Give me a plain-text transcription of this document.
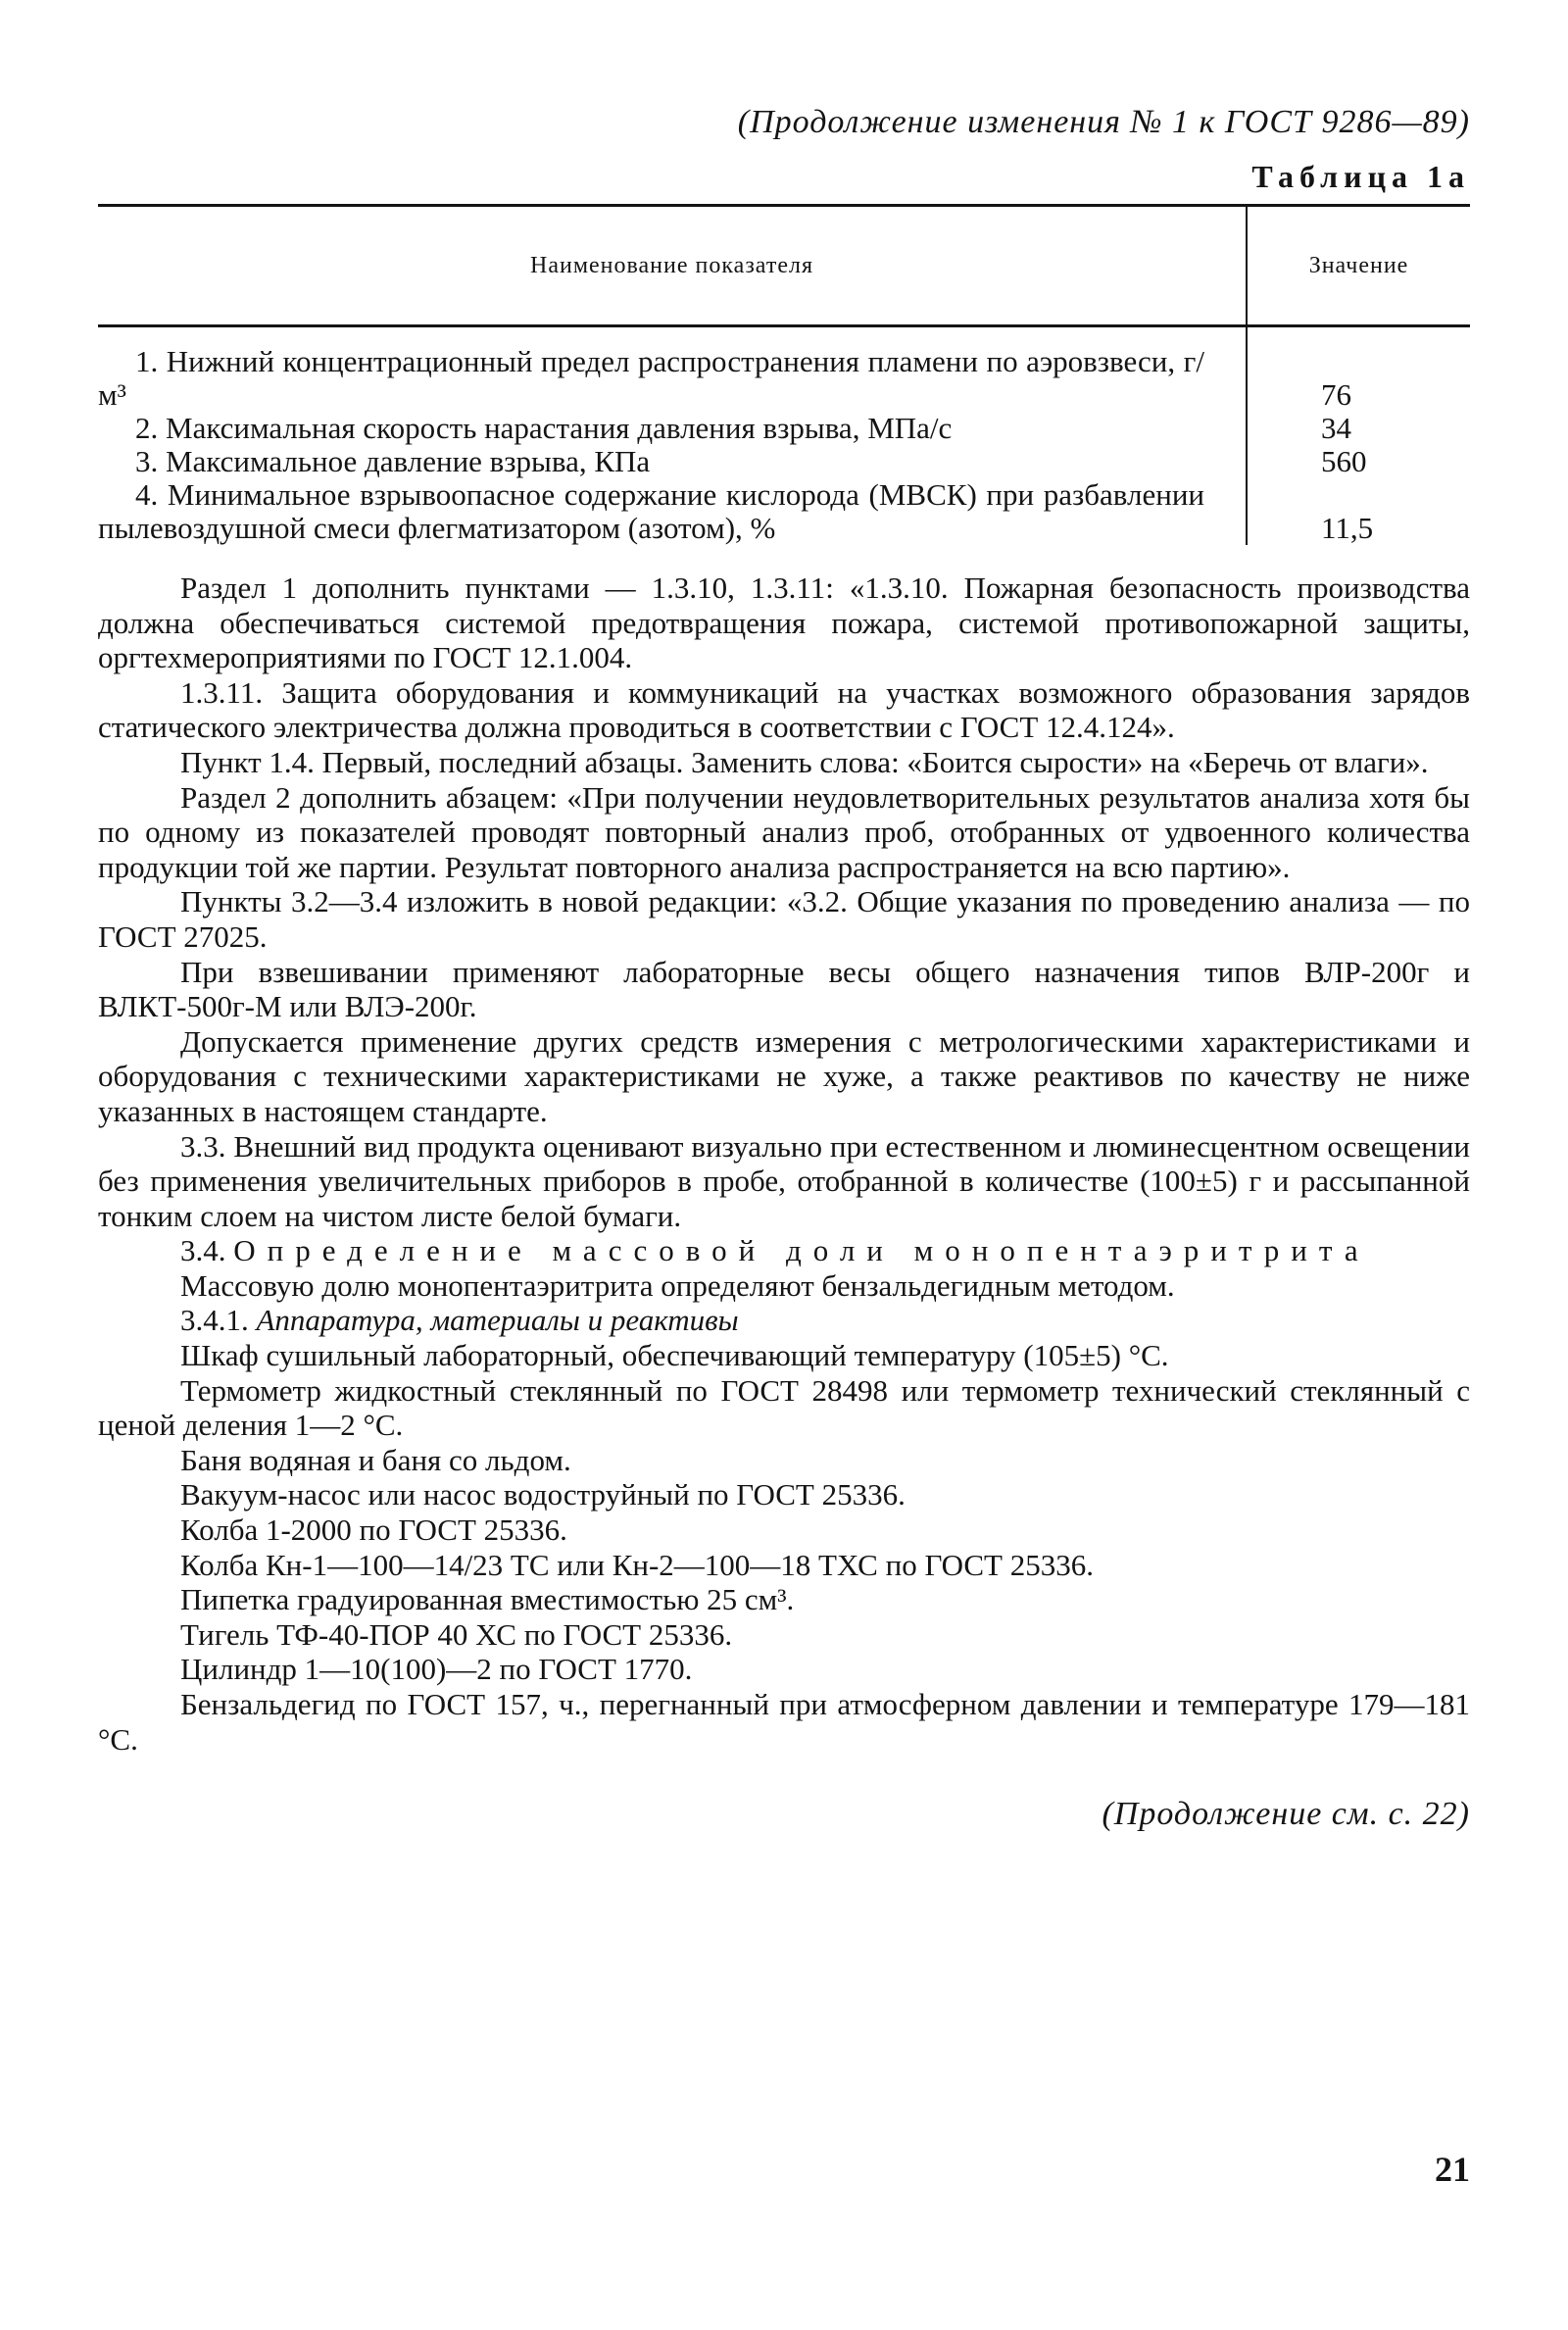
(Продолжение изменения № 1 к ГОСТ 9286—89)
Таблица 1а
Наименование показателя	Значение

1. Нижний концентрационный предел распространения пламени по аэровзвеси, г/м³	76

2. Максимальная скорость нарастания давления взрыва, МПа/с	34

3. Максимальное давление взрыва, КПа	560

4. Минимальное взрывоопасное содержание кислорода (МВСК) при разбавлении пылевоздушной смеси флегматизатором (азотом), %	11,5

Раздел 1 дополнить пунктами — 1.3.10, 1.3.11: «1.3.10. Пожарная безопасность производства должна обеспечиваться системой предотвращения пожара, системой противопожарной защиты, оргтехмероприятиями по ГОСТ 12.1.004.

1.3.11. Защита оборудования и коммуникаций на участках возможного образования зарядов статического электричества должна проводиться в соответствии с ГОСТ 12.4.124».

Пункт 1.4. Первый, последний абзацы. Заменить слова: «Боится сырости» на «Беречь от влаги».

Раздел 2 дополнить абзацем: «При получении неудовлетворительных результатов анализа хотя бы по одному из показателей проводят повторный анализ проб, отобранных от удвоенного количества продукции той же партии. Результат повторного анализа распространяется на всю партию».

Пункты 3.2—3.4 изложить в новой редакции: «3.2. Общие указания по проведению анализа — по ГОСТ 27025.

При взвешивании применяют лабораторные весы общего назначения типов ВЛР-200г и ВЛКТ-500г-М или ВЛЭ-200г.

Допускается применение других средств измерения с метрологическими характеристиками и оборудования с техническими характеристиками не хуже, а также реактивов по качеству не ниже указанных в настоящем стандарте.

3.3. Внешний вид продукта оценивают визуально при естественном и люминесцентном освещении без применения увеличительных приборов в пробе, отобранной в количестве (100±5) г и рассыпанной тонким слоем на чистом листе белой бумаги.

3.4. Определение массовой доли монопентаэритрита

Массовую долю монопентаэритрита определяют бензальдегидным методом.

3.4.1. Аппаратура, материалы и реактивы

Шкаф сушильный лабораторный, обеспечивающий температуру (105±5) °С.

Термометр жидкостный стеклянный по ГОСТ 28498 или термометр технический стеклянный с ценой деления 1—2 °С.

Баня водяная и баня со льдом.

Вакуум-насос или насос водоструйный по ГОСТ 25336.

Колба 1-2000 по ГОСТ 25336.

Колба Кн-1—100—14/23 ТС или Кн-2—100—18 ТХС по ГОСТ 25336.

Пипетка градуированная вместимостью 25 см³.

Тигель ТФ-40-ПОР 40 ХС по ГОСТ 25336.

Цилиндр 1—10(100)—2 по ГОСТ 1770.

Бензальдегид по ГОСТ 157, ч., перегнанный при атмосферном давлении и температуре 179—181 °С.

(Продолжение см. с. 22)
21
